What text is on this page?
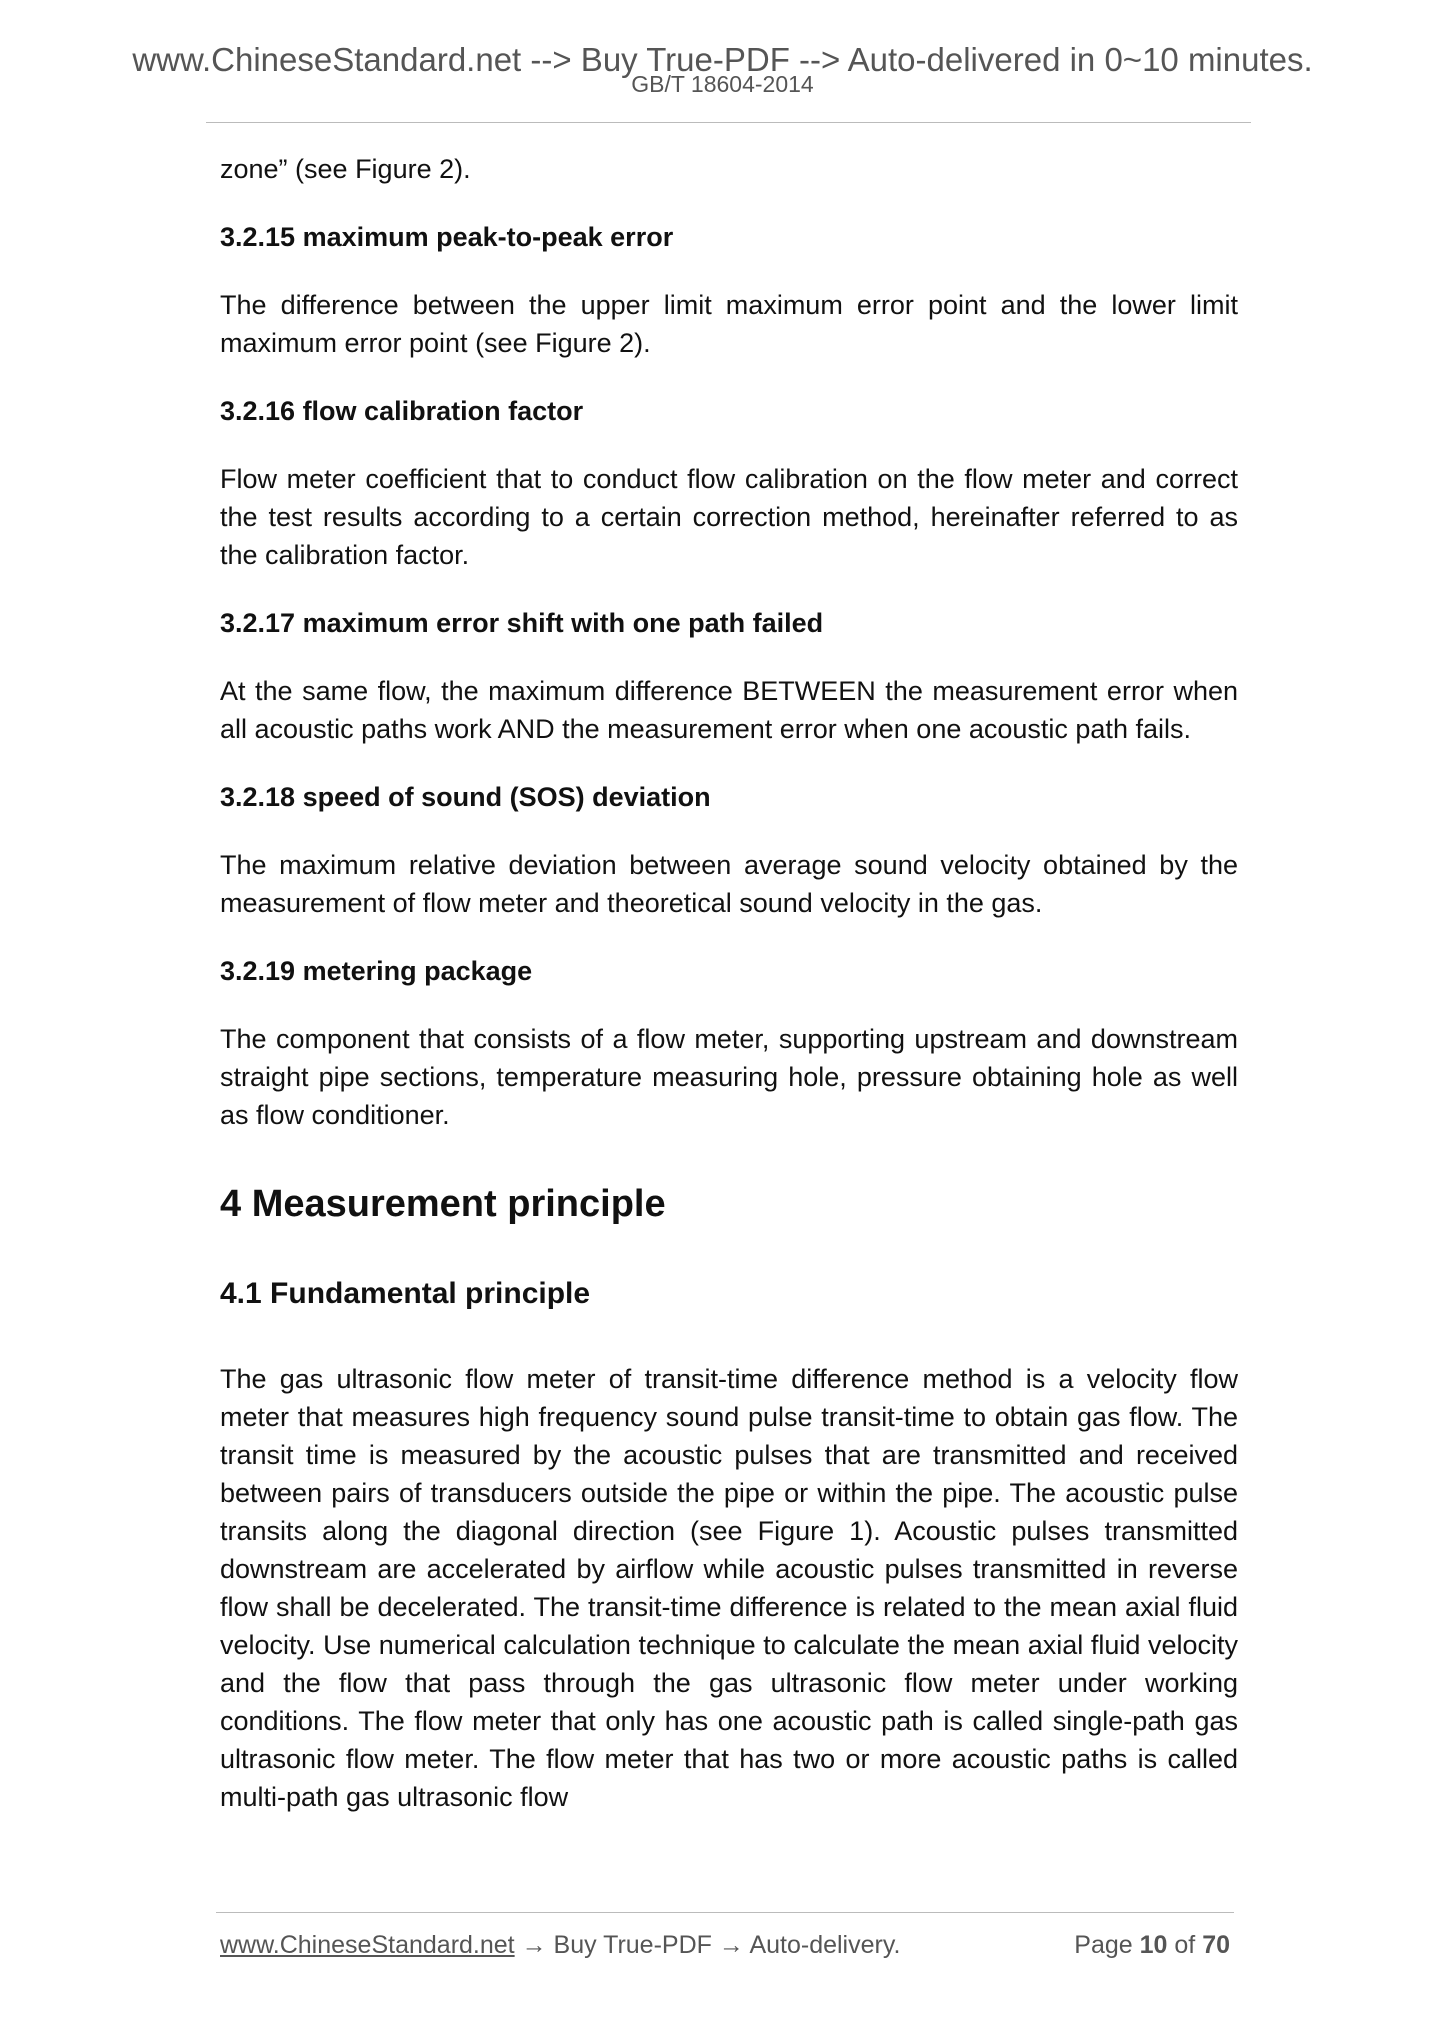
www.ChineseStandard.net --> Buy True-PDF --> Auto-delivered in 0~10 minutes.
GB/T 18604-2014

zone” (see Figure 2).

3.2.15 maximum peak-to-peak error

The difference between the upper limit maximum error point and the lower limit maximum error point (see Figure 2).

3.2.16 flow calibration factor

Flow meter coefficient that to conduct flow calibration on the flow meter and correct the test results according to a certain correction method, hereinafter referred to as the calibration factor.

3.2.17 maximum error shift with one path failed

At the same flow, the maximum difference BETWEEN the measurement error when all acoustic paths work AND the measurement error when one acoustic path fails.

3.2.18 speed of sound (SOS) deviation

The maximum relative deviation between average sound velocity obtained by the measurement of flow meter and theoretical sound velocity in the gas.

3.2.19 metering package

The component that consists of a flow meter, supporting upstream and downstream straight pipe sections, temperature measuring hole, pressure obtaining hole as well as flow conditioner.

4 Measurement principle
4.1 Fundamental principle

The gas ultrasonic flow meter of transit-time difference method is a velocity flow meter that measures high frequency sound pulse transit-time to obtain gas flow. The transit time is measured by the acoustic pulses that are transmitted and received between pairs of transducers outside the pipe or within the pipe. The acoustic pulse transits along the diagonal direction (see Figure 1). Acoustic pulses transmitted downstream are accelerated by airflow while acoustic pulses transmitted in reverse flow shall be decelerated. The transit-time difference is related to the mean axial fluid velocity. Use numerical calculation technique to calculate the mean axial fluid velocity and the flow that pass through the gas ultrasonic flow meter under working conditions. The flow meter that only has one acoustic path is called single-path gas ultrasonic flow meter. The flow meter that has two or more acoustic paths is called multi-path gas ultrasonic flow

www.ChineseStandard.net → Buy True-PDF → Auto-delivery.	Page 10 of 70
